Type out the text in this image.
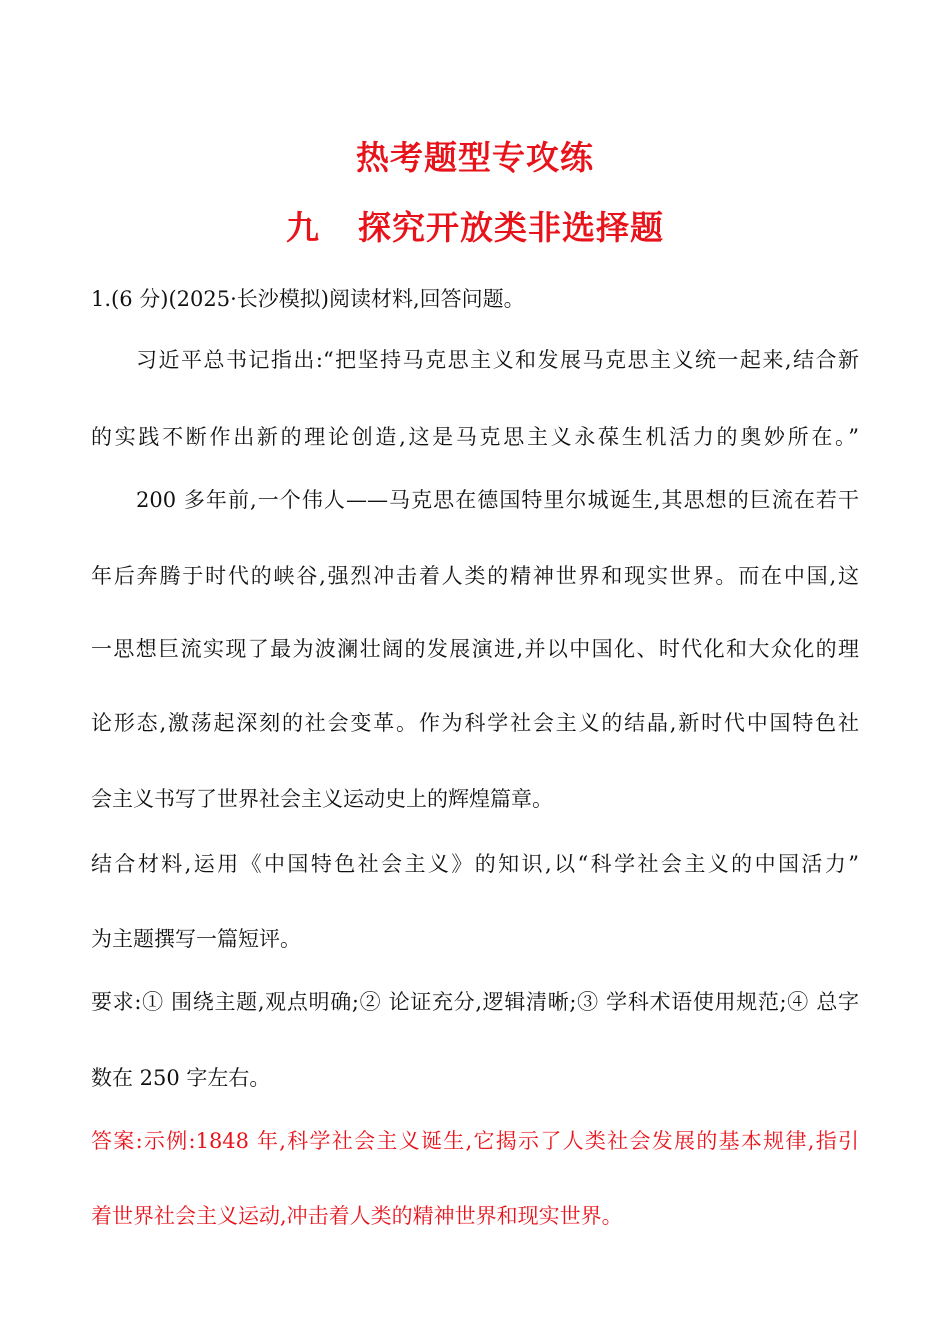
热考题型专攻练
九 探究开放类非选择题
1.(6 分)(2025·长沙模拟)阅读材料,回答问题。
习近平总书记指出:“把坚持马克思主义和发展马克思主义统一起来,结合新
的实践不断作出新的理论创造,这是马克思主义永葆生机活力的奥妙所在。”
200 多年前,一个伟人——马克思在德国特里尔城诞生,其思想的巨流在若干
年后奔腾于时代的峡谷,强烈冲击着人类的精神世界和现实世界。而在中国,这
一思想巨流实现了最为波澜壮阔的发展演进,并以中国化、时代化和大众化的理
论形态,激荡起深刻的社会变革。作为科学社会主义的结晶,新时代中国特色社
会主义书写了世界社会主义运动史上的辉煌篇章。
结合材料,运用《中国特色社会主义》的知识,以“科学社会主义的中国活力”
为主题撰写一篇短评。
要求:① 围绕主题,观点明确;② 论证充分,逻辑清晰;③ 学科术语使用规范;④ 总字
数在 250 字左右。
答案:示例:1848 年,科学社会主义诞生,它揭示了人类社会发展的基本规律,指引
着世界社会主义运动,冲击着人类的精神世界和现实世界。
